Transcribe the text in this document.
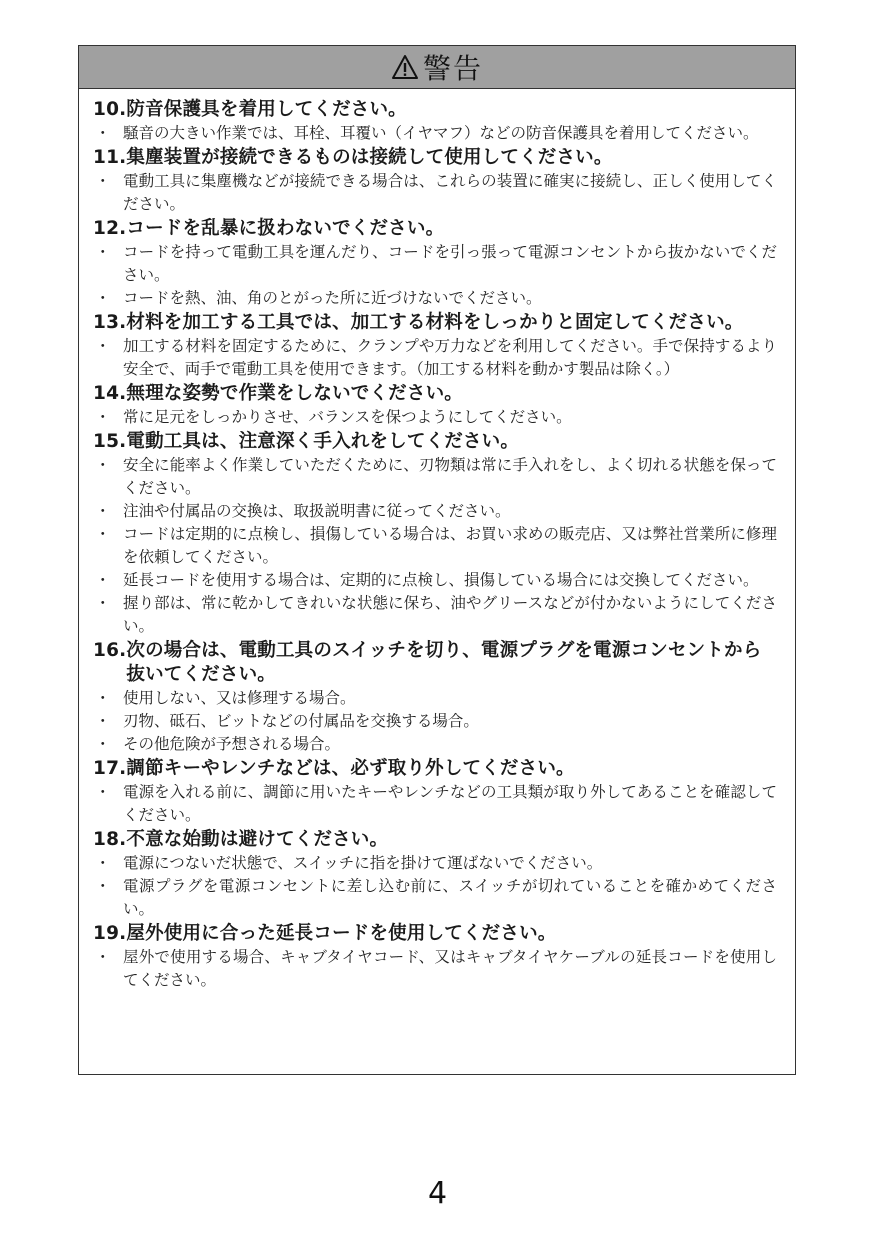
警告
10. 防音保護具を着用してください。
・ 騒音の大きい作業では、耳栓、耳覆い（イヤマフ）などの防音保護具を着用してください。
11. 集塵装置が接続できるものは接続して使用してください。
・ 電動工具に集塵機などが接続できる場合は、これらの装置に確実に接続し、正しく使用してください。
12. コードを乱暴に扱わないでください。
・ コードを持って電動工具を運んだり、コードを引っ張って電源コンセントから抜かないでください。
・ コードを熱、油、角のとがった所に近づけないでください。
13. 材料を加工する工具では、加工する材料をしっかりと固定してください。
・ 加工する材料を固定するために、クランプや万力などを利用してください。手で保持するより安全で、両手で電動工具を使用できます。（加工する材料を動かす製品は除く。）
14. 無理な姿勢で作業をしないでください。
・ 常に足元をしっかりさせ、バランスを保つようにしてください。
15. 電動工具は、注意深く手入れをしてください。
・ 安全に能率よく作業していただくために、刃物類は常に手入れをし、よく切れる状態を保ってください。
・ 注油や付属品の交換は、取扱説明書に従ってください。
・ コードは定期的に点検し、損傷している場合は、お買い求めの販売店、又は弊社営業所に修理を依頼してください。
・ 延長コードを使用する場合は、定期的に点検し、損傷している場合には交換してください。
・ 握り部は、常に乾かしてきれいな状態に保ち、油やグリースなどが付かないようにしてください。
16. 次の場合は、電動工具のスイッチを切り、電源プラグを電源コンセントから抜いてください。
・ 使用しない、又は修理する場合。
・ 刃物、砥石、ビットなどの付属品を交換する場合。
・ その他危険が予想される場合。
17. 調節キーやレンチなどは、必ず取り外してください。
・ 電源を入れる前に、調節に用いたキーやレンチなどの工具類が取り外してあることを確認してください。
18. 不意な始動は避けてください。
・ 電源につないだ状態で、スイッチに指を掛けて運ばないでください。
・ 電源プラグを電源コンセントに差し込む前に、スイッチが切れていることを確かめてください。
19. 屋外使用に合った延長コードを使用してください。
・ 屋外で使用する場合、キャブタイヤコード、又はキャブタイヤケーブルの延長コードを使用してください。
4
